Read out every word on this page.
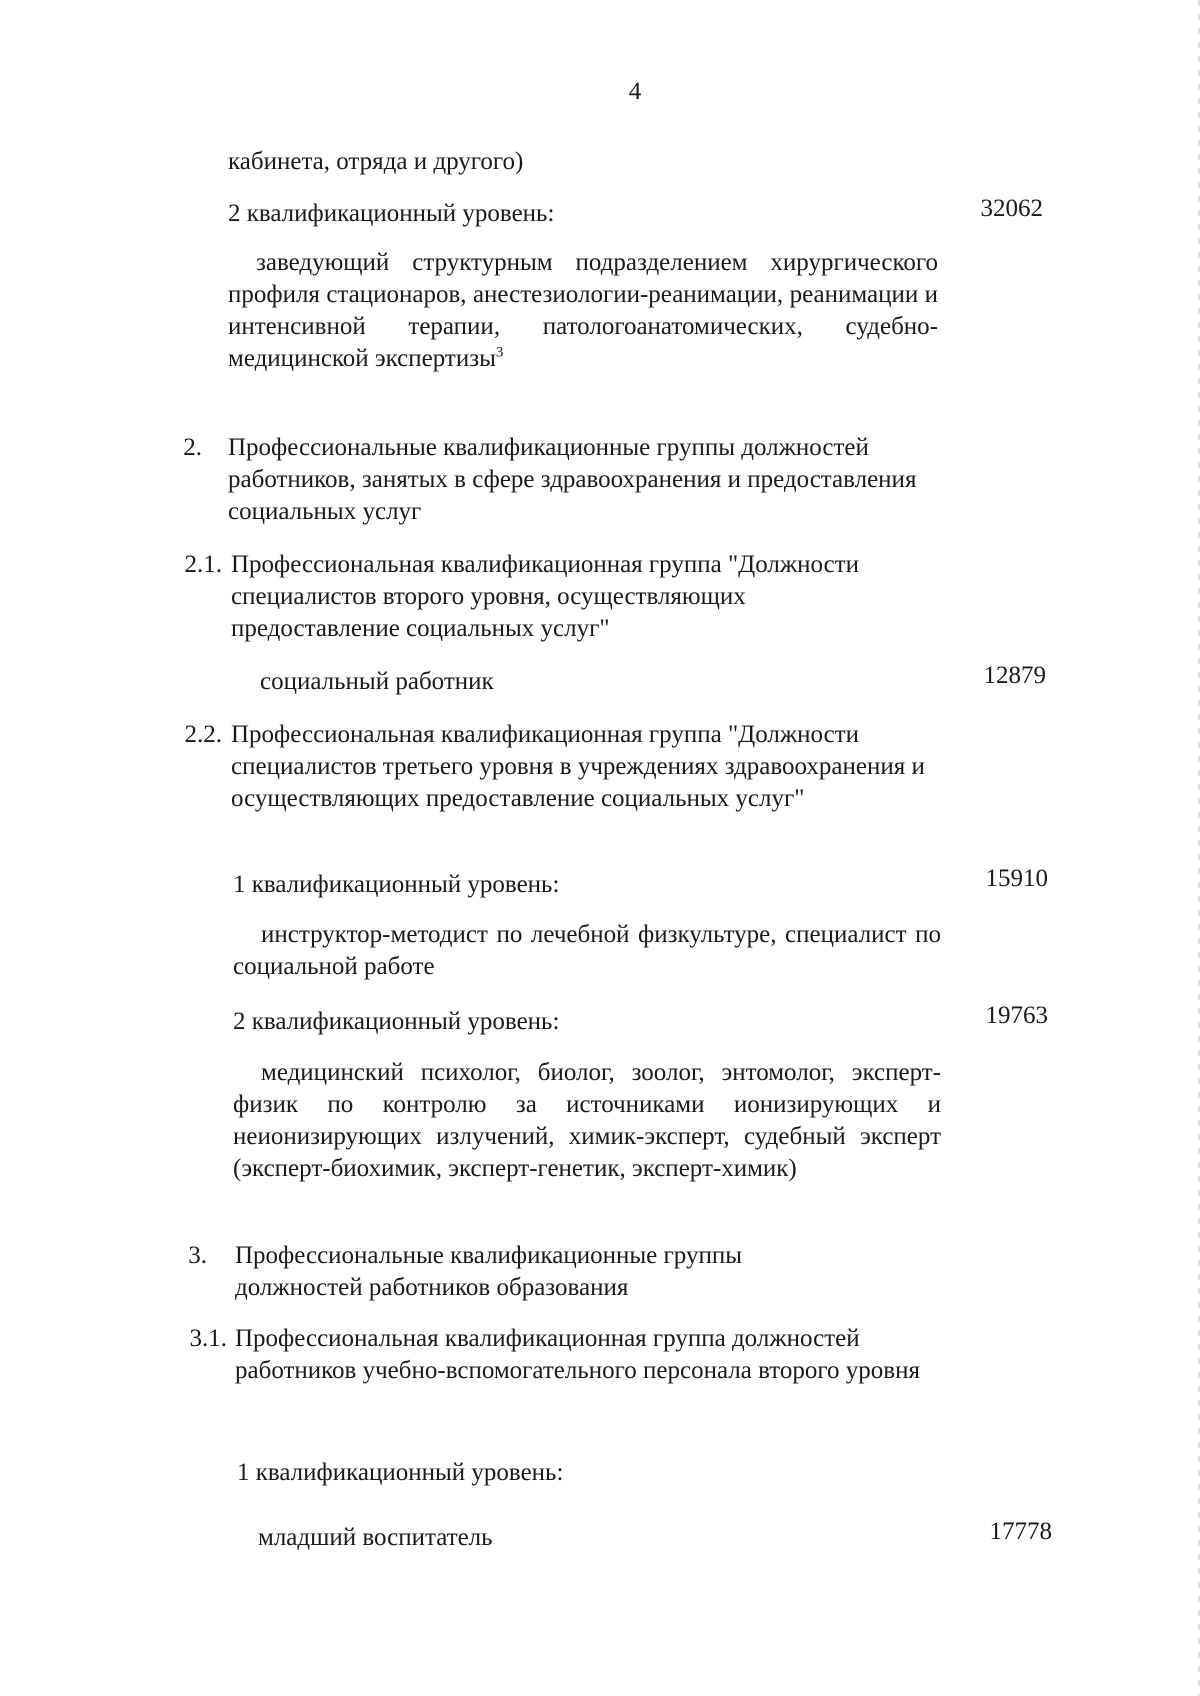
4
кабинета, отряда и другого)
2 квалификационный уровень:	32062
заведующий структурным подразделением хирургического профиля стационаров, анестезиологии-реанимации, реанимации и интенсивной терапии, патологоанатомических, судебно-медицинской экспертизы$^3$
2. Профессиональные квалификационные группы должностей работников, занятых в сфере здравоохранения и предоставления социальных услуг
2.1. Профессиональная квалификационная группа "Должности специалистов второго уровня, осуществляющих предоставление социальных услуг"
социальный работник	12879
2.2. Профессиональная квалификационная группа "Должности специалистов третьего уровня в учреждениях здравоохранения и осуществляющих предоставление социальных услуг"
1 квалификационный уровень:	15910
инструктор-методист по лечебной физкультуре, специалист по социальной работе
2 квалификационный уровень:	19763
медицинский психолог, биолог, зоолог, энтомолог, эксперт-физик по контролю за источниками ионизирующих и неионизирующих излучений, химик-эксперт, судебный эксперт (эксперт-биохимик, эксперт-генетик, эксперт-химик)
3. Профессиональные квалификационные группы должностей работников образования
3.1. Профессиональная квалификационная группа должностей работников учебно-вспомогательного персонала второго уровня
1 квалификационный уровень:
младший воспитатель	17778
